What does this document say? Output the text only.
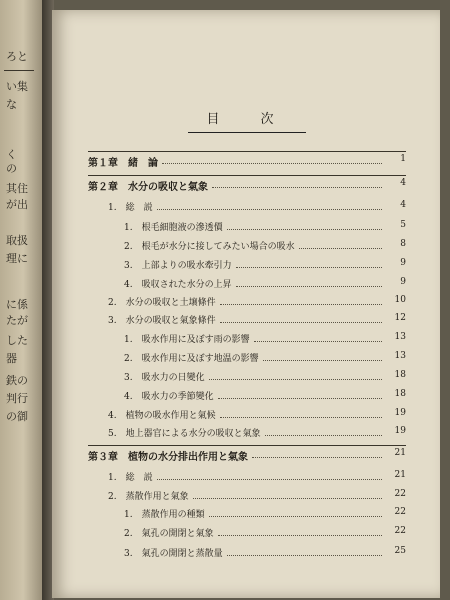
ろと
い集
な
く
の
其住
が出
取扱
理に
に係
たが
した
器
鉄の
判行
の御
目　次
第１章　緒　論	1
第２章　水分の吸収と氣象	4
1.　総　説	4
1.　根毛細胞液の滲透價	5
2.　根毛が水分に接してみたい場合の吸水	8
3.　上部よりの吸水牽引力	9
4.　吸収された水分の上昇	9
2.　水分の吸収と土壌條件	10
3.　水分の吸収と氣象條件	12
1.　吸水作用に及ぼす雨の影響	13
2.　吸水作用に及ぼす地温の影響	13
3.　吸水力の日變化	18
4.　吸水力の季節變化	18
4.　植物の吸水作用と氣候	19
5.　地上器官による水分の吸収と氣象	19
第３章　植物の水分排出作用と氣象	21
1.　総　説	21
2.　蒸散作用と氣象	22
1.　蒸散作用の種類	22
2.　氣孔の開閉と氣象	22
3.　氣孔の開閉と蒸散量	25
